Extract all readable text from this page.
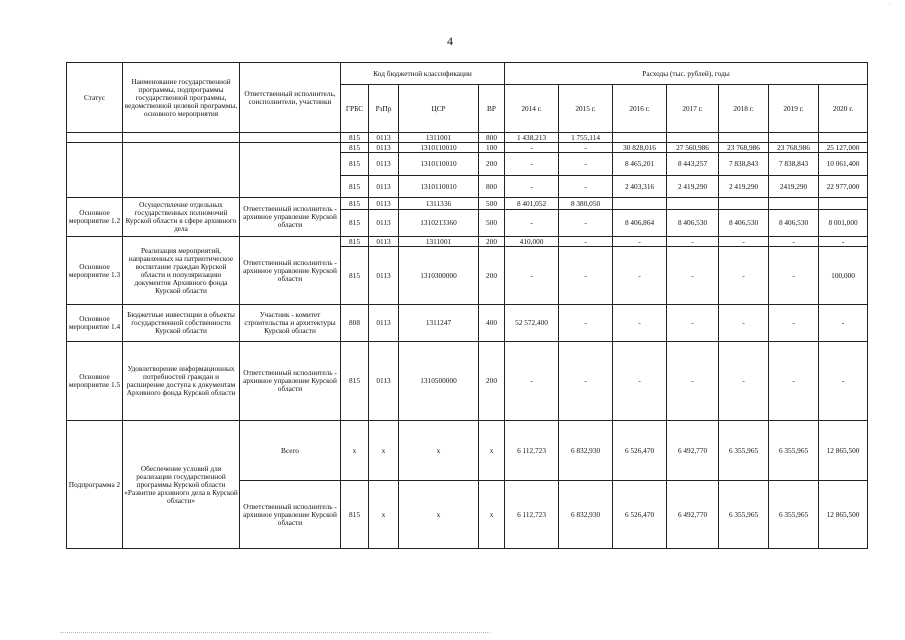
4
·
Статус	Наименование государственной программы, подпрограммы государственной программы, ведомственной целевой программы, основного мероприятия	Ответственный исполнитель, соисполнители, участники	Код бюджетной классификации				Расходы (тыс. рублей), годы						
			ГРБС	РзПр	ЦСР	ВР	2014 г.	2015 г.	2016 г.	2017 г.	2018 г.	2019 г.	2020 г.
			815	0113	1311001	800	1 438,213	1 755,114					
			815	0113	1310110010	100	-	-	30 828,016	27 560,986	23 768,986	23 768,986	25 127,000
			815	0113	1310110010	200	-	-	8 465,201	8 443,257	7 838,843	7 838,843	10 061,400
			815	0113	1310110010	800	-	-	2 403,316	2 419,290	2 419,290	2419,290	22 977,000
Основное мероприятие 1.2	Осуществление отдельных государственных полномочий Курской области в сфере архивного дела	Ответственный исполнитель - архивное управление Курской области	815	0113	1311336	500	8 401,052	8 380,050					
			815	0113	1310213360	500	-	-	8 406,864	8 406,530	8 406,530	8 406,530	8 001,000
Основное мероприятие 1.3	Реализация мероприятий, направленных на патриотическое воспитание граждан Курской области и популяризацию документов Архивного фонда Курской области	Ответственный исполнитель - архивное управление Курской области	815	0113	1311001	200	410,000	-	-	-	-	-	-
			815	0113	1310300000	200	-	-	-	-	-	-	100,000
Основное мероприятие 1.4	Бюджетные инвестиции в объекты государственной собственности Курской области	Участник - комитет строительства и архитектуры Курской области	808	0113	1311247	400	52 572,400	-	-	-	-	-	-
Основное мероприятие 1.5	Удовлетворение информационных потребностей граждан и расширение доступа к документам Архивного фонда Курской области	Ответственный исполнитель - архивное управление Курской области	815	0113	1310500000	200	-	-	-	-	-	-	-
Подпрограмма 2	Обеспечение условий для реализации государственной программы Курской области «Развитие архивного дела в Курской области»	Всего	x	x	x	x	6 112,723	6 832,930	6 526,470	6 492,770	6 355,965	6 355,965	12 865,500
		Ответственный исполнитель - архивное управление Курской области	815	x	x	x	6 112,723	6 832,930	6 526,470	6 492,770	6 355,965	6 355,965	12 865,500
